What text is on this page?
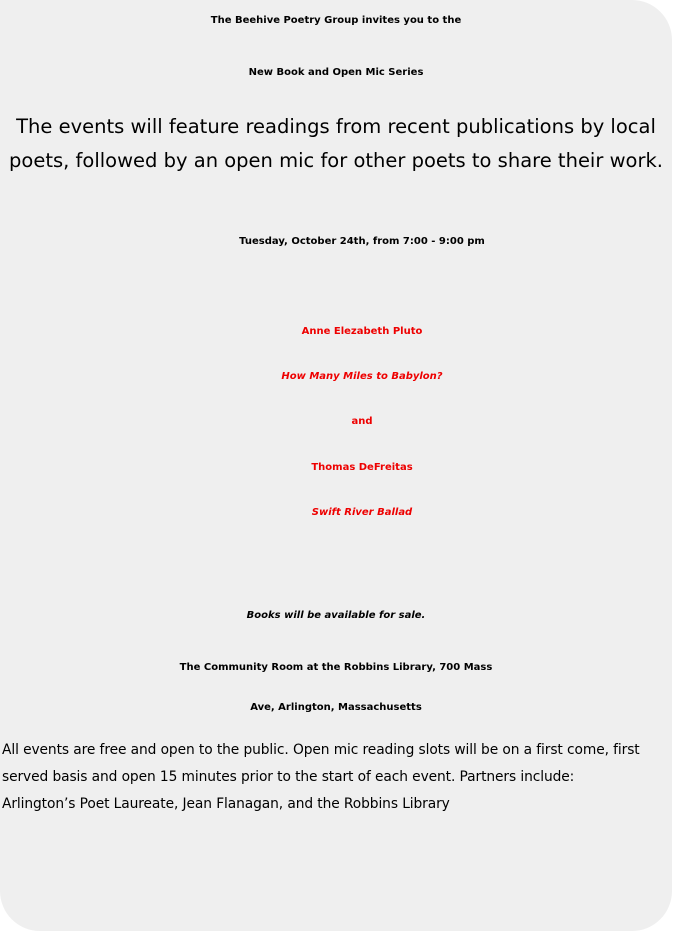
The Beehive Poetry Group invites you to the

New Book and Open Mic Series

The events will feature readings from recent publications by local poets, followed by an open mic for other poets to share their work.

Tuesday, October 24th, from 7:00 - 9:00 pm

Anne Elezabeth Pluto

How Many Miles to Babylon?

and

Thomas DeFreitas

Swift River Ballad

Books will be available for sale.

The Community Room at the Robbins Library, 700 Mass
Ave, Arlington, Massachusetts

All events are free and open to the public. Open mic reading slots will be on a first come, first served basis and open 15 minutes prior to the start of each event. Partners include: Arlington’s Poet Laureate, Jean Flanagan, and the Robbins Library
